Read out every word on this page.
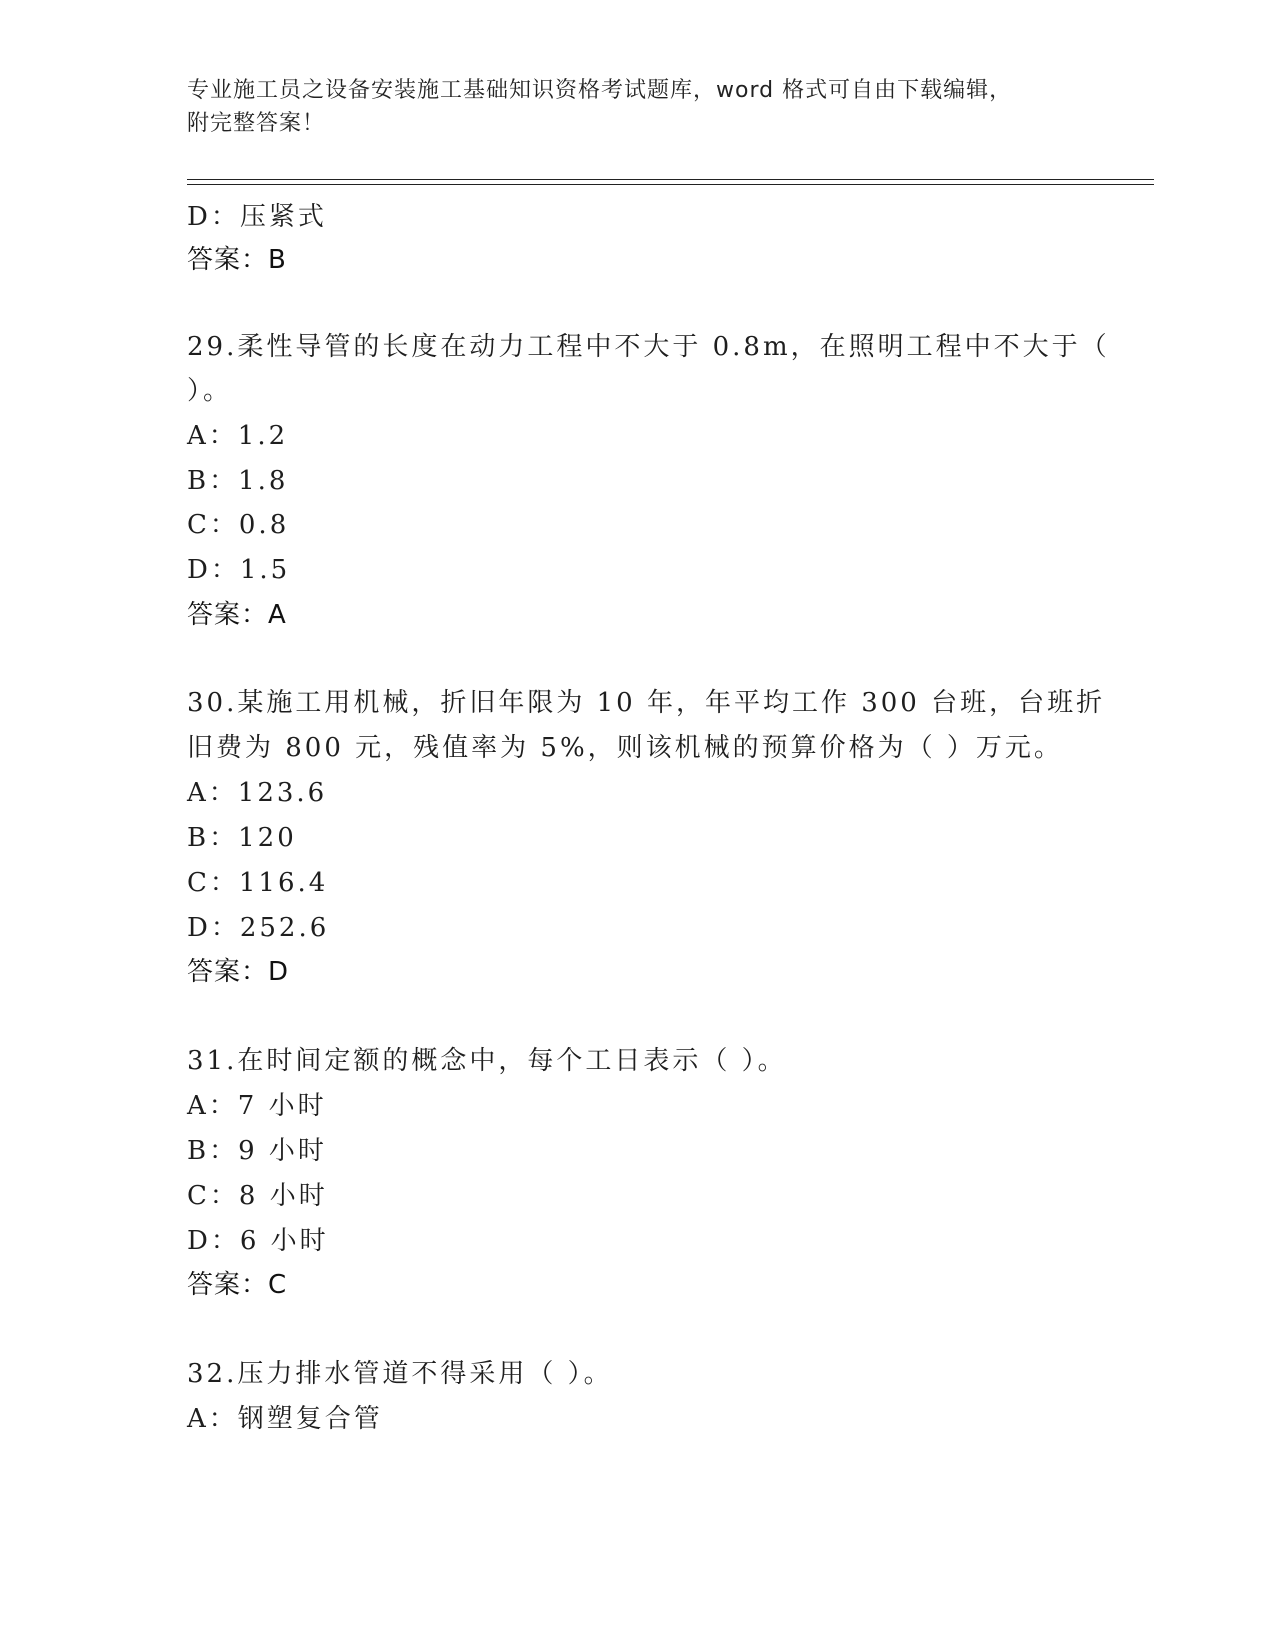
专业施工员之设备安装施工基础知识资格考试题库，word 格式可自由下载编辑，
附完整答案！
D：压紧式
答案：B
29.柔性导管的长度在动力工程中不大于 0.8m，在照明工程中不大于（
）。
A：1.2
B：1.8
C：0.8
D：1.5
答案：A
30.某施工用机械，折旧年限为 10 年，年平均工作 300 台班，台班折
旧费为 800 元，残值率为 5%，则该机械的预算价格为（ ）万元。
A：123.6
B：120
C：116.4
D：252.6
答案：D
31.在时间定额的概念中，每个工日表示（ ）。
A：7 小时
B：9 小时
C：8 小时
D：6 小时
答案：C
32.压力排水管道不得采用（ ）。
A：钢塑复合管
